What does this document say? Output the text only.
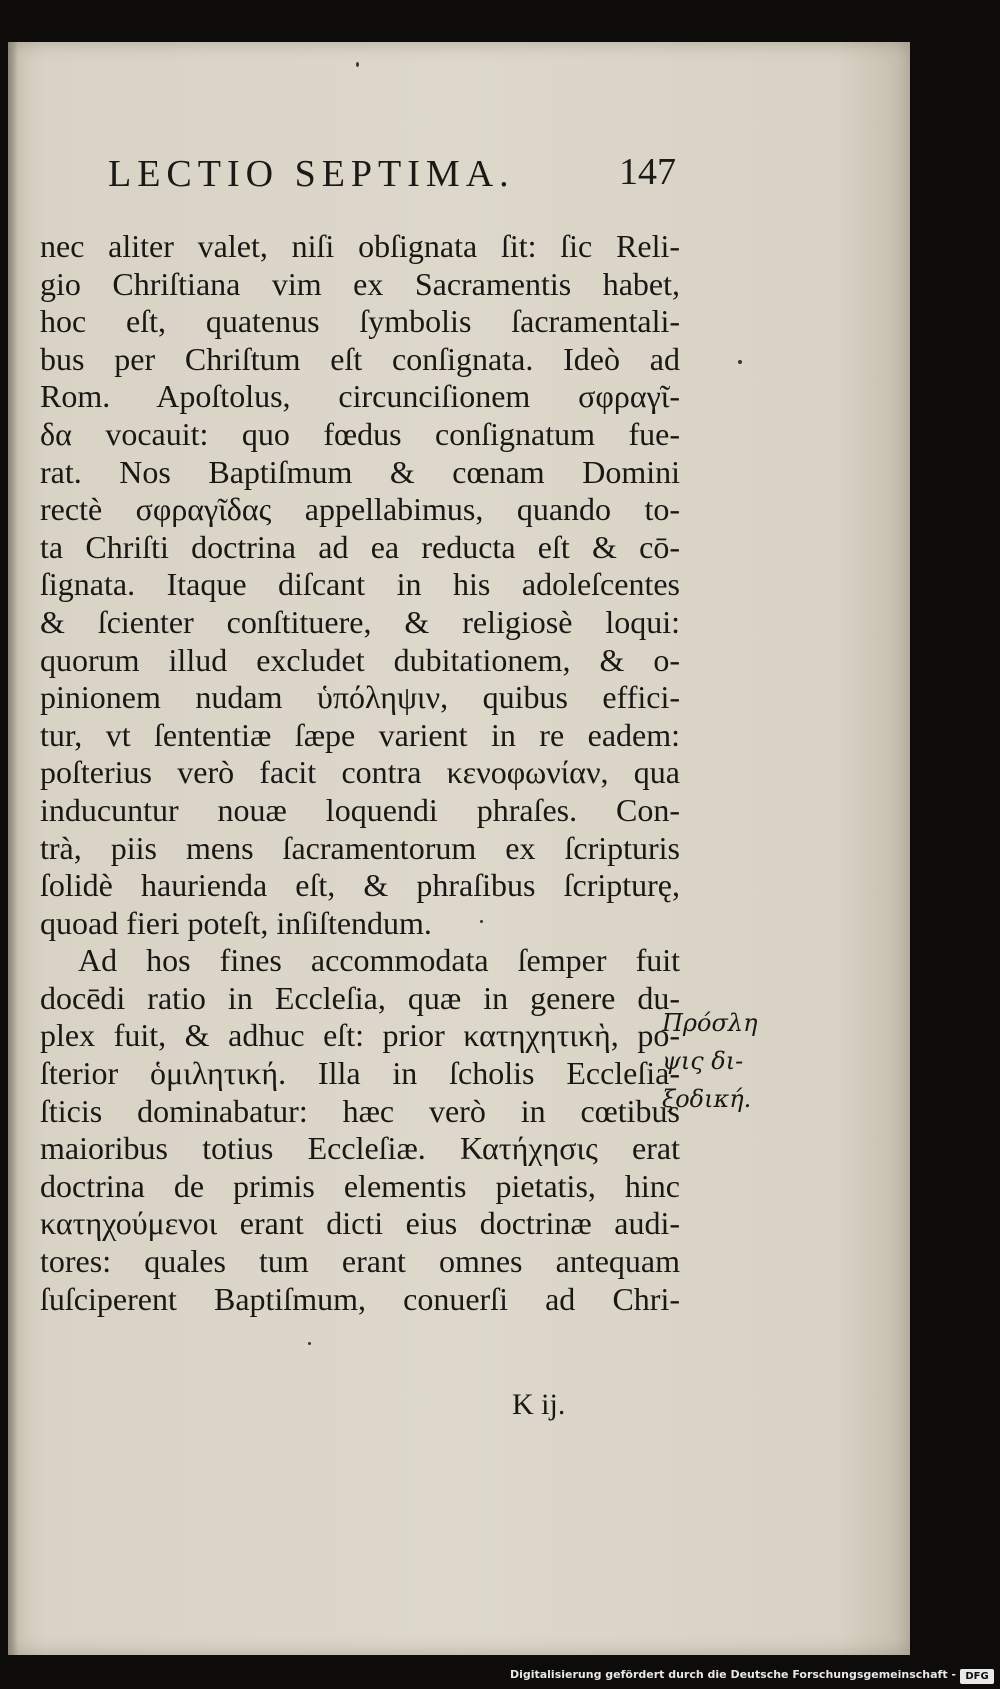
LECTIO SEPTIMA.	147
nec aliter valet, niſi obſignata ſit: ſic Reli-
gio Chriſtiana vim ex Sacramentis habet,
hoc eſt, quatenus ſymbolis ſacramentali-
bus per Chriſtum eſt conſignata. Ideò ad
Rom. Apoſtolus, circunciſionem σφραγῖ-
δα vocauit: quo fœdus conſignatum fue-
rat. Nos Baptiſmum & cœnam Domini
rectè σφραγῖδας appellabimus, quando to-
ta Chriſti doctrina ad ea reducta eſt & cō-
ſignata. Itaque diſcant in his adoleſcentes
& ſcienter conſtituere, & religiosè loqui:
quorum illud excludet dubitationem, & o-
pinionem nudam ὑπόληψιν, quibus effici-
tur, vt ſententiæ ſæpe varient in re eadem:
poſterius verò facit contra κενοφωνίαν, qua
inducuntur nouæ loquendi phraſes. Con-
trà, piis mens ſacramentorum ex ſcripturis
ſolidè haurienda eſt, & phraſibus ſcripturę,
quoad fieri poteſt, inſiſtendum.
Ad hos fines accommodata ſemper fuit
docēdi ratio in Eccleſia, quæ in genere du-
plex fuit, & adhuc eſt: prior κατηχητικὴ, po-
ſterior ὁμιλητική. Illa in ſcholis Eccleſia-
ſticis dominabatur: hæc verò in cœtibus
maioribus totius Eccleſiæ. Κατήχησις erat
doctrina de primis elementis pietatis, hinc
κατηχούμενοι erant dicti eius doctrinæ audi-
tores: quales tum erant omnes antequam
ſuſciperent Baptiſmum, conuerſi ad Chri-
K ij.
Πρόσλη
ψις δι-
ξοδική.
Digitalisierung gefördert durch die Deutsche Forschungsgemeinschaft - DFG
